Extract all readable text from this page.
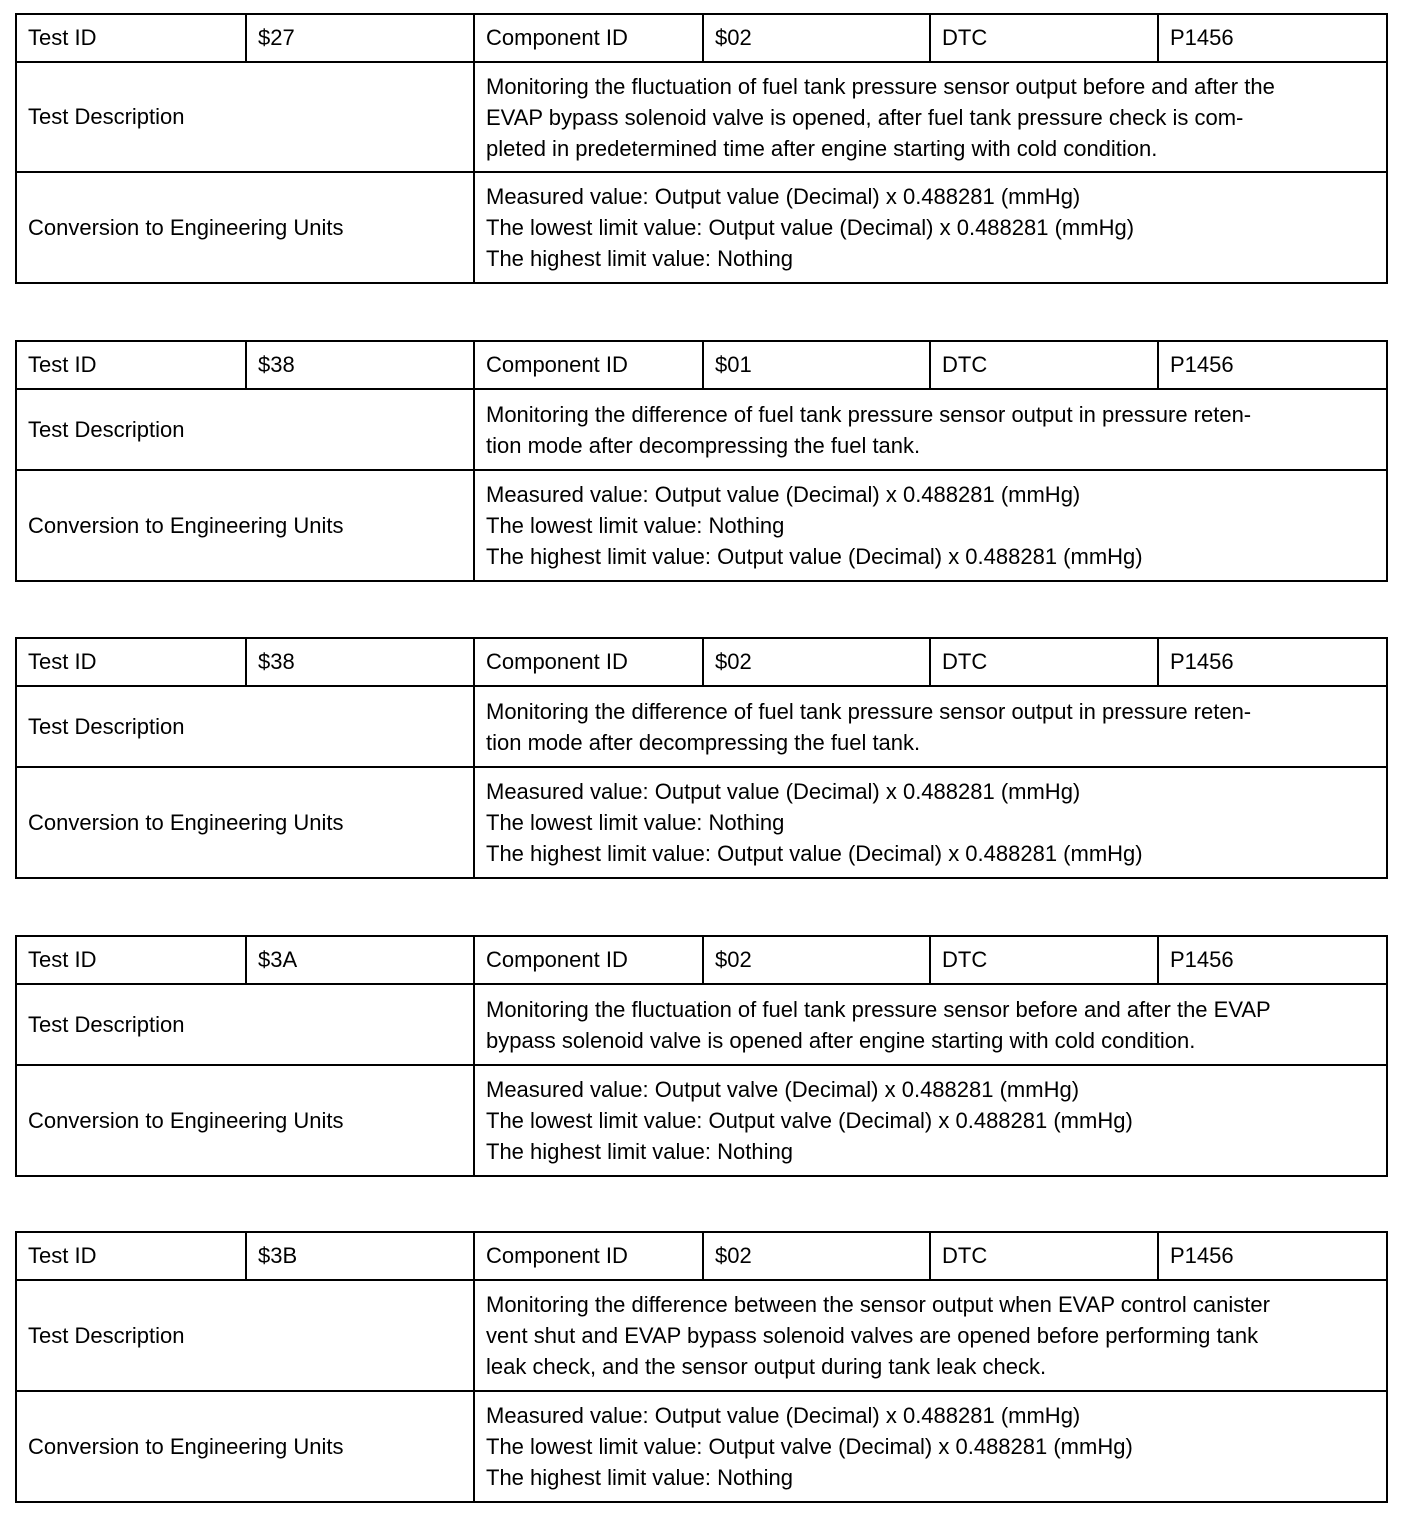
Test ID	$27	Component ID	$02	DTC	P1456
Test Description		Monitoring the fluctuation of fuel tank pressure sensor output before and after the
EVAP bypass solenoid valve is opened, after fuel tank pressure check is com-
pleted in predetermined time after engine starting with cold condition.			

Conversion to Engineering Units		Measured value: Output value (Decimal) x 0.488281 (mmHg)
The lowest limit value: Output value (Decimal) x 0.488281 (mmHg)
The highest limit value: Nothing			
Test ID	$38	Component ID	$01	DTC	P1456
Test Description		Monitoring the difference of fuel tank pressure sensor output in pressure reten-
tion mode after decompressing the fuel tank.			

Conversion to Engineering Units		Measured value: Output value (Decimal) x 0.488281 (mmHg)
The lowest limit value: Nothing
The highest limit value: Output value (Decimal) x 0.488281 (mmHg)			
Test ID	$38	Component ID	$02	DTC	P1456
Test Description		Monitoring the difference of fuel tank pressure sensor output in pressure reten-
tion mode after decompressing the fuel tank.			

Conversion to Engineering Units		Measured value: Output value (Decimal) x 0.488281 (mmHg)
The lowest limit value: Nothing
The highest limit value: Output value (Decimal) x 0.488281 (mmHg)			
Test ID	$3A	Component ID	$02	DTC	P1456
Test Description		Monitoring the fluctuation of fuel tank pressure sensor before and after the EVAP
bypass solenoid valve is opened after engine starting with cold condition.			

Conversion to Engineering Units		Measured value: Output valve (Decimal) x 0.488281 (mmHg)
The lowest limit value: Output valve (Decimal) x 0.488281 (mmHg)
The highest limit value: Nothing			
Test ID	$3B	Component ID	$02	DTC	P1456
Test Description		Monitoring the difference between the sensor output when EVAP control canister
vent shut and EVAP bypass solenoid valves are opened before performing tank
leak check, and the sensor output during tank leak check.			

Conversion to Engineering Units		Measured value: Output value (Decimal) x 0.488281 (mmHg)
The lowest limit value: Output valve (Decimal) x 0.488281 (mmHg)
The highest limit value: Nothing			
